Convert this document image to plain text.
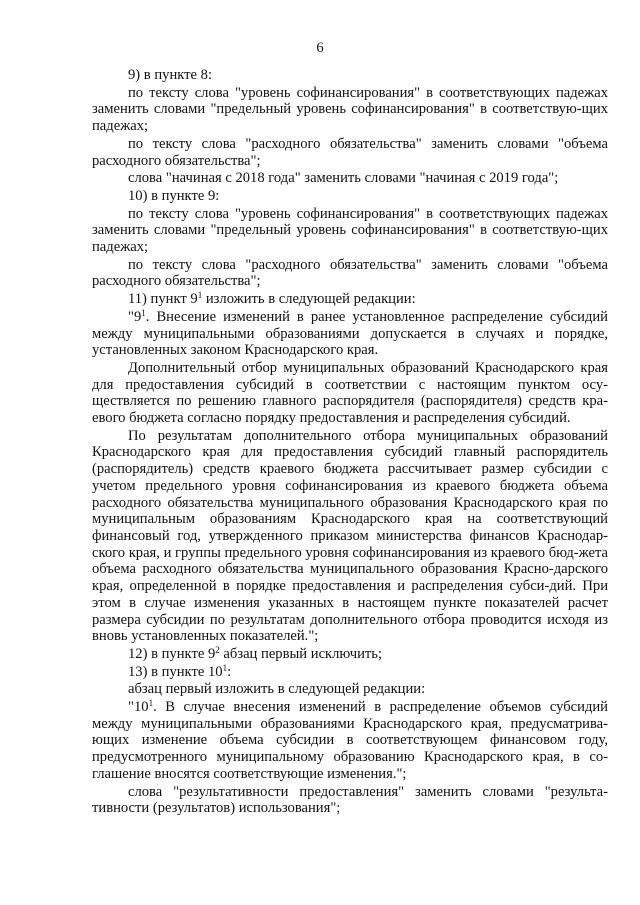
6

9) в пункте 8:

по тексту слова "уровень софинансирования" в соответствующих падежах заменить словами "предельный уровень софинансирования" в соответствую-щих падежах;

по тексту слова "расходного обязательства" заменить словами "объема расходного обязательства";

слова "начиная с 2018 года" заменить словами "начиная с 2019 года";

10) в пункте 9:

по тексту слова "уровень софинансирования" в соответствующих падежах заменить словами "предельный уровень софинансирования" в соответствую-щих падежах;

по тексту слова "расходного обязательства" заменить словами "объема расходного обязательства";

11) пункт $9^1$ изложить в следующей редакции:

"$9^1$. Внесение изменений в ранее установленное распределение субсидий между муниципальными образованиями допускается в случаях и порядке, установленных законом Краснодарского края.

Дополнительный отбор муниципальных образований Краснодарского края для предоставления субсидий в соответствии с настоящим пунктом осу-ществляется по решению главного распорядителя (распорядителя) средств кра-евого бюджета согласно порядку предоставления и распределения субсидий.

По результатам дополнительного отбора муниципальных образований Краснодарского края для предоставления субсидий главный распорядитель (распорядитель) средств краевого бюджета рассчитывает размер субсидии с учетом предельного уровня софинансирования из краевого бюджета объема расходного обязательства муниципального образования Краснодарского края по муниципальным образованиям Краснодарского края на соответствующий финансовый год, утвержденного приказом министерства финансов Краснодар-ского края, и группы предельного уровня софинансирования из краевого бюд-жета объема расходного обязательства муниципального образования Красно-дарского края, определенной в порядке предоставления и распределения субси-дий. При этом в случае изменения указанных в настоящем пункте показателей расчет размера субсидии по результатам дополнительного отбора проводится исходя из вновь установленных показателей.";

12) в пункте $9^2$ абзац первый исключить;

13) в пункте $10^1$:

абзац первый изложить в следующей редакции:

"$10^1$. В случае внесения изменений в распределение объемов субсидий между муниципальными образованиями Краснодарского края, предусматрива-ющих изменение объема субсидии в соответствующем финансовом году, предусмотренного муниципальному образованию Краснодарского края, в со-глашение вносятся соответствующие изменения.";

слова "результативности предоставления" заменить словами "результа-тивности (результатов) использования";
